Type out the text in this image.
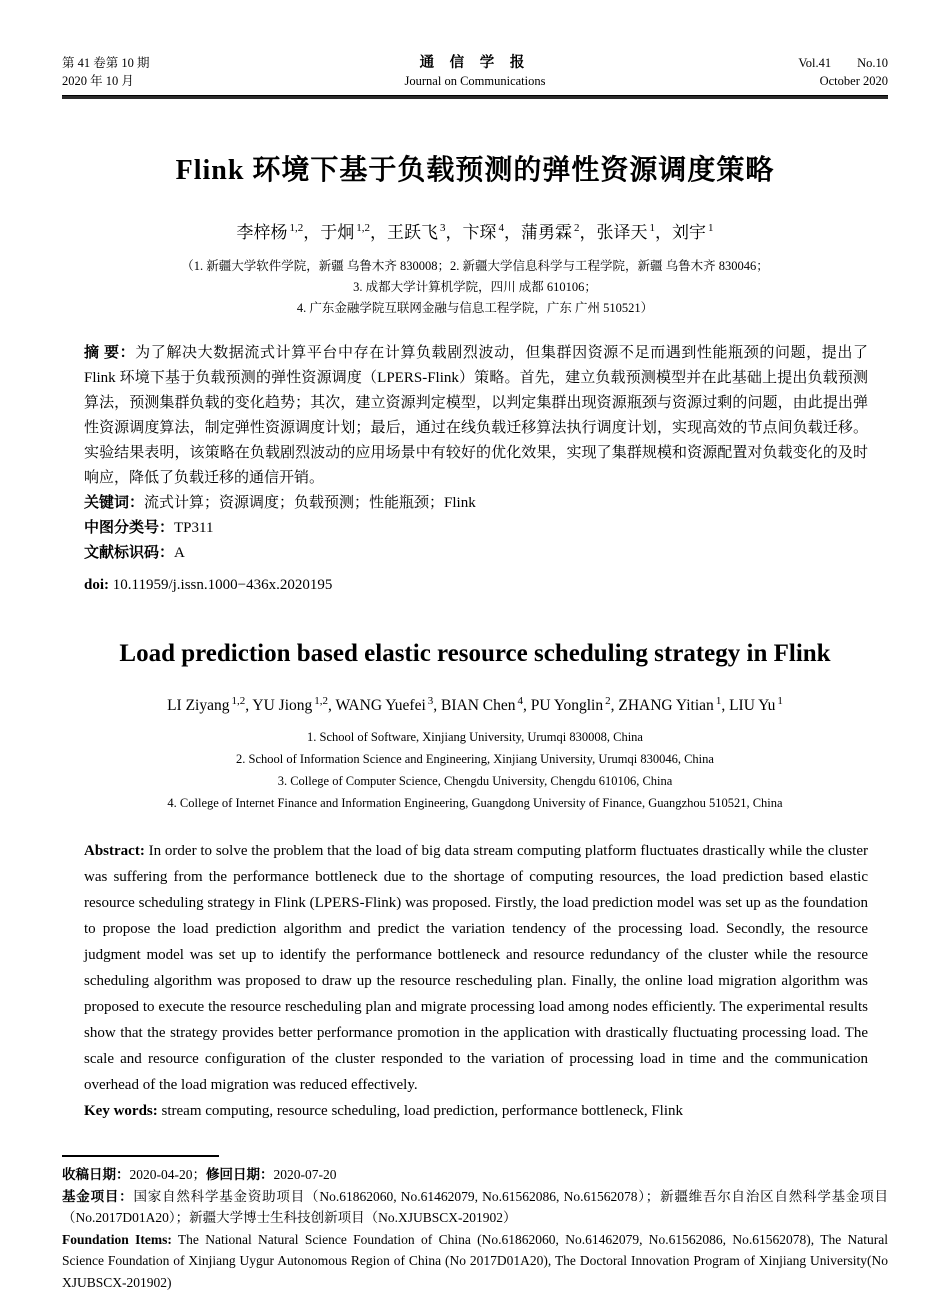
第 41 卷第 10 期
2020 年 10 月
通 信 学 报
Journal on Communications
Vol.41 No.10
October 2020
Flink 环境下基于负载预测的弹性资源调度策略
李梓杨 $^{1,2}$，于炯 $^{1,2}$，王跃飞 $^3$，卞琛 $^4$，蒲勇霖 $^2$，张译天 $^1$，刘宇 $^1$
（1. 新疆大学软件学院，新疆 乌鲁木齐 830008；2. 新疆大学信息科学与工程学院，新疆 乌鲁木齐 830046；
3. 成都大学计算机学院，四川 成都 610106；
4. 广东金融学院互联网金融与信息工程学院，广东 广州 510521）

摘 要：为了解决大数据流式计算平台中存在计算负载剧烈波动，但集群因资源不足而遇到性能瓶颈的问题，提出了 Flink 环境下基于负载预测的弹性资源调度（LPERS-Flink）策略。首先，建立负载预测模型并在此基础上提出负载预测算法，预测集群负载的变化趋势；其次，建立资源判定模型，以判定集群出现资源瓶颈与资源过剩的问题，由此提出弹性资源调度算法，制定弹性资源调度计划；最后，通过在线负载迁移算法执行调度计划，实现高效的节点间负载迁移。实验结果表明，该策略在负载剧烈波动的应用场景中有较好的优化效果，实现了集群规模和资源配置对负载变化的及时响应，降低了负载迁移的通信开销。

关键词：流式计算；资源调度；负载预测；性能瓶颈；Flink

中图分类号：TP311

文献标识码：A

doi: 10.11959/j.issn.1000−436x.2020195

Load prediction based elastic resource scheduling strategy in Flink
LI Ziyang $^{1,2}$, YU Jiong $^{1,2}$, WANG Yuefei $^3$, BIAN Chen $^4$, PU Yonglin $^2$, ZHANG Yitian $^1$, LIU Yu $^1$
1. School of Software, Xinjiang University, Urumqi 830008, China
2. School of Information Science and Engineering, Xinjiang University, Urumqi 830046, China
3. College of Computer Science, Chengdu University, Chengdu 610106, China
4. College of Internet Finance and Information Engineering, Guangdong University of Finance, Guangzhou 510521, China

Abstract: In order to solve the problem that the load of big data stream computing platform fluctuates drastically while the cluster was suffering from the performance bottleneck due to the shortage of computing resources, the load prediction based elastic resource scheduling strategy in Flink (LPERS-Flink) was proposed. Firstly, the load prediction model was set up as the foundation to propose the load prediction algorithm and predict the variation tendency of the processing load. Secondly, the resource judgment model was set up to identify the performance bottleneck and resource redundancy of the cluster while the resource scheduling algorithm was proposed to draw up the resource rescheduling plan. Finally, the online load migration algorithm was proposed to execute the resource rescheduling plan and migrate processing load among nodes efficiently. The experimental results show that the strategy provides better performance promotion in the application with drastically fluctuating processing load. The scale and resource configuration of the cluster responded to the variation of processing load in time and the communication overhead of the load migration was reduced effectively.

Key words: stream computing, resource scheduling, load prediction, performance bottleneck, Flink

收稿日期：2020-04-20；修回日期：2020-07-20

基金项目：国家自然科学基金资助项目（No.61862060, No.61462079, No.61562086, No.61562078）；新疆维吾尔自治区自然科学基金项目（No.2017D01A20）；新疆大学博士生科技创新项目（No.XJUBSCX-201902）

Foundation Items: The National Natural Science Foundation of China (No.61862060, No.61462079, No.61562086, No.61562078), The Natural Science Foundation of Xinjiang Uygur Autonomous Region of China (No 2017D01A20), The Doctoral Innovation Program of Xinjiang University(No XJUBSCX-201902)
